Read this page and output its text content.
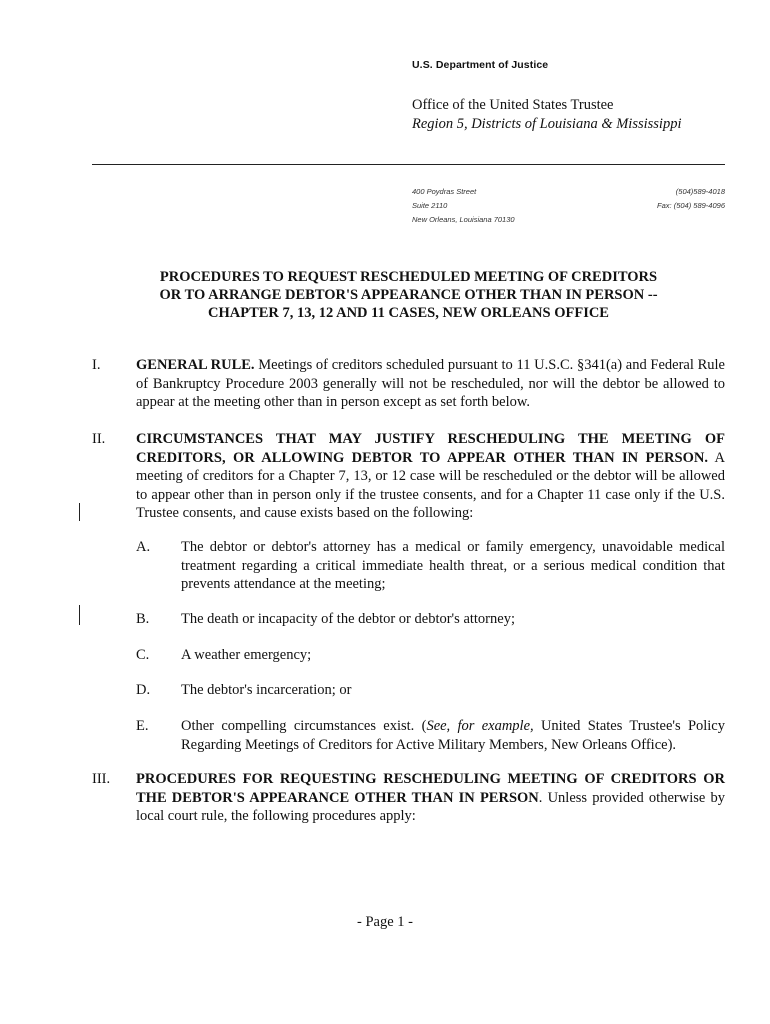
U.S. Department of Justice
Office of the United States Trustee
Region 5, Districts of Louisiana & Mississippi
400 Poydras Street
Suite 2110
New Orleans, Louisiana 70130
(504)589-4018
Fax: (504) 589-4096
PROCEDURES TO REQUEST RESCHEDULED MEETING OF CREDITORS
OR TO ARRANGE DEBTOR'S APPEARANCE OTHER THAN IN PERSON --
CHAPTER 7, 13, 12 AND 11 CASES, NEW ORLEANS OFFICE
I. GENERAL RULE. Meetings of creditors scheduled pursuant to 11 U.S.C. §341(a) and Federal Rule of Bankruptcy Procedure 2003 generally will not be rescheduled, nor will the debtor be allowed to appear at the meeting other than in person except as set forth below.
II. CIRCUMSTANCES THAT MAY JUSTIFY RESCHEDULING THE MEETING OF CREDITORS, OR ALLOWING DEBTOR TO APPEAR OTHER THAN IN PERSON. A meeting of creditors for a Chapter 7, 13, or 12 case will be rescheduled or the debtor will be allowed to appear other than in person only if the trustee consents, and for a Chapter 11 case only if the U.S. Trustee consents, and cause exists based on the following:
A. The debtor or debtor's attorney has a medical or family emergency, unavoidable medical treatment regarding a critical immediate health threat, or a serious medical condition that prevents attendance at the meeting;
B. The death or incapacity of the debtor or debtor's attorney;
C. A weather emergency;
D. The debtor's incarceration; or
E. Other compelling circumstances exist. (See, for example, United States Trustee's Policy Regarding Meetings of Creditors for Active Military Members, New Orleans Office).
III. PROCEDURES FOR REQUESTING RESCHEDULING MEETING OF CREDITORS OR THE DEBTOR'S APPEARANCE OTHER THAN IN PERSON. Unless provided otherwise by local court rule, the following procedures apply:
- Page 1 -
